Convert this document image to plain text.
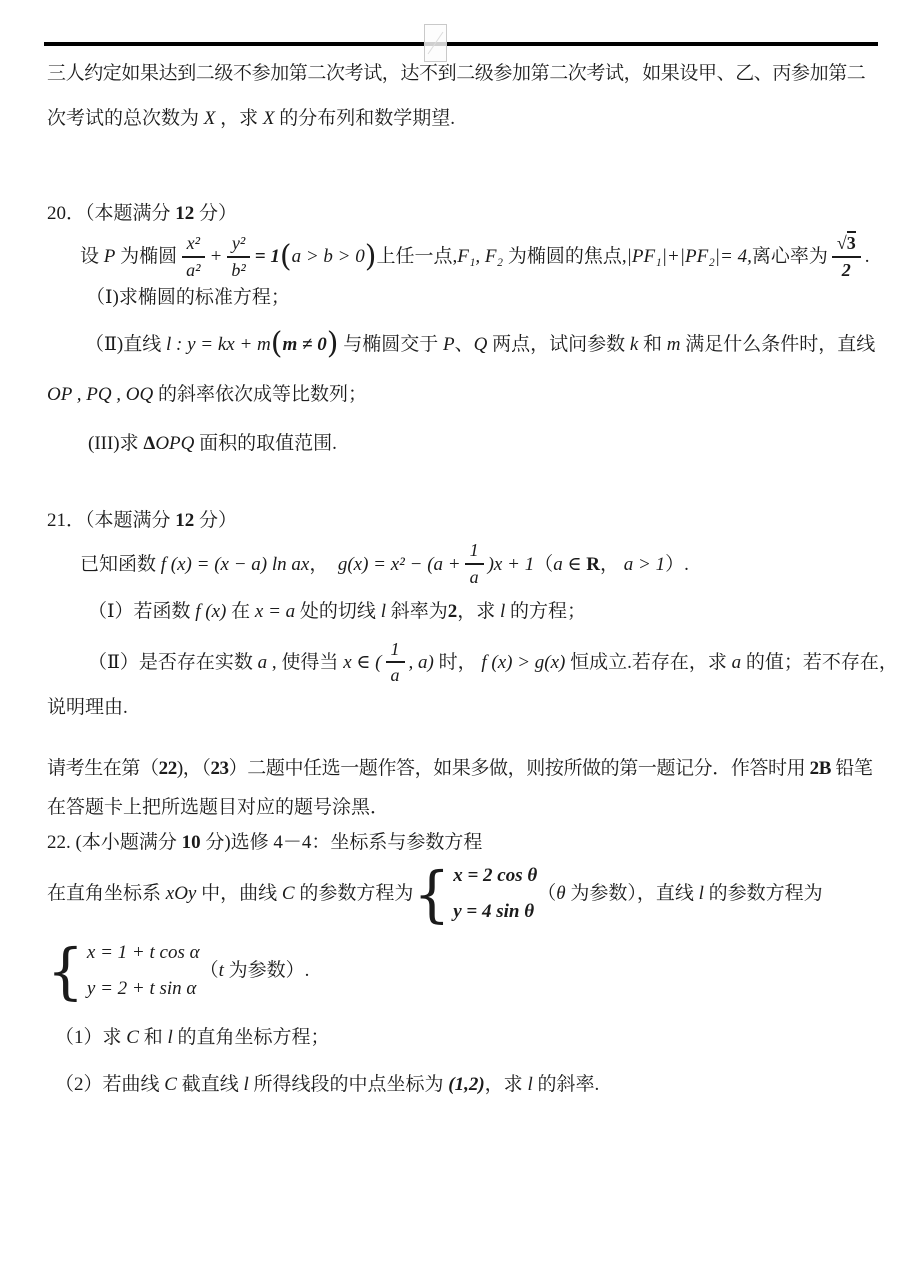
三人约定如果达到二级不参加第二次考试，达不到二级参加第二次考试，如果设甲、乙、丙参加第二
次考试的总次数为 X ，求 X 的分布列和数学期望.
20．（本题满分 12 分）
设 P 为椭圆 $\frac{\text{x²}}{\text{a²}} + \frac{\text{y²}}{\text{b²}} = 1$ ( a > b > 0 ) 上任一点, F₁, F₂ 为椭圆的焦点, |PF₁|+|PF₂|= 4, 离心率为 $\frac{√3}{2}$ .
（Ⅰ)求椭圆的标准方程；
（Ⅱ)直线 l : y = kx + m ( m ≠ 0 ) 与椭圆交于 P 、 Q 两点，试问参数 k 和 m 满足什么条件时，直线
OP , PQ , OQ 的斜率依次成等比数列；
(III)求 ΔOPQ 面积的取值范围.
21．（本题满分 12 分）
已知函数 f (x) = (x − a) ln ax ， $g(x) = x^2 - (a + \frac{1}{a} )x + 1$ （ a ∈ R ， a > 1 ）.
（Ⅰ）若函数 f (x) 在 x = a 处的切线 l 斜率为2，求 l 的方程；
（Ⅱ）是否存在实数 a , 使得当 x ∈ ( $\frac{1}{a}$ , a) 时， f (x) > g(x) 恒成立.若存在，求 a 的值；若不存在，
说明理由.
请考生在第（22)，（23）二题中任选一题作答，如果多做，则按所做的第一题记分．作答时用 2B 铅笔
在答题卡上把所选题目对应的题号涂黑．
22. (本小题满分 10 分)选修 4－4：坐标系与参数方程
在直角坐标系 xOy 中，曲线 C 的参数方程为 { x = 2 cos θ
y = 4 sin θ
（ θ 为参数），直线 l 的参数方程为
{ x = 1 + t cos α
y = 2 + t sin α
（ t 为参数）.
（1）求 C 和 l 的直角坐标方程；
（2）若曲线 C 截直线 l 所得线段的中点坐标为 (1,2)，求 l 的斜率.
